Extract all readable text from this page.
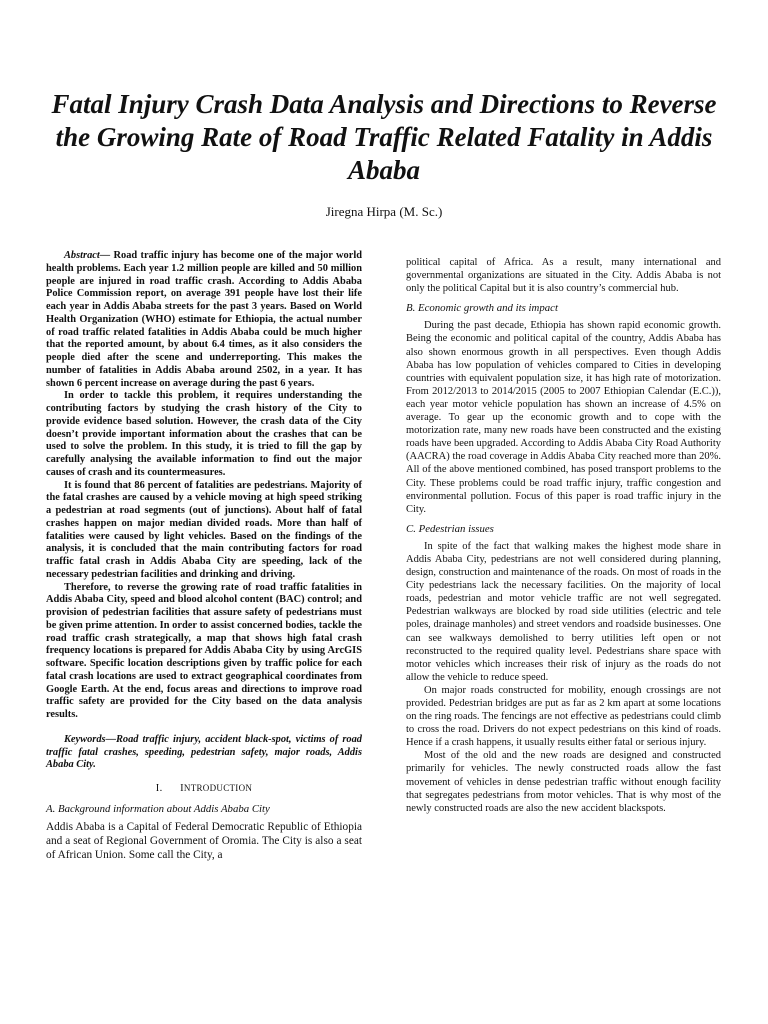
Fatal Injury Crash Data Analysis and Directions to Reverse the Growing Rate of Road Traffic Related Fatality in Addis Ababa
Jiregna Hirpa (M. Sc.)

Abstract— Road traffic injury has become one of the major world health problems. Each year 1.2 million people are killed and 50 million people are injured in road traffic crash. According to Addis Ababa Police Commission report, on average 391 people have lost their life each year in Addis Ababa streets for the past 3 years. Based on World Health Organization (WHO) estimate for Ethiopia, the actual number of road traffic related fatalities in Addis Ababa could be much higher that the reported amount, by about 6.4 times, as it also considers the people died after the scene and underreporting. This makes the number of fatalities in Addis Ababa around 2502, in a year. It has shown 6 percent increase on average during the past 6 years.

In order to tackle this problem, it requires understanding the contributing factors by studying the crash history of the City to provide evidence based solution. However, the crash data of the City doesn’t provide important information about the crashes that can be used to solve the problem. In this study, it is tried to fill the gap by carefully analysing the available information to find out the major causes of crash and its countermeasures.

It is found that 86 percent of fatalities are pedestrians. Majority of the fatal crashes are caused by a vehicle moving at high speed striking a pedestrian at road segments (out of junctions). About half of fatal crashes happen on major median divided roads. More than half of fatalities were caused by light vehicles. Based on the findings of the analysis, it is concluded that the main contributing factors for road traffic fatal crash in Addis Ababa City are speeding, lack of the necessary pedestrian facilities and drinking and driving.

Therefore, to reverse the growing rate of road traffic fatalities in Addis Ababa City, speed and blood alcohol content (BAC) control; and provision of pedestrian facilities that assure safety of pedestrians must be given prime attention. In order to assist concerned bodies, tackle the road traffic crash strategically, a map that shows high fatal crash frequency locations is prepared for Addis Ababa City by using ArcGIS software. Specific location descriptions given by traffic police for each fatal crash locations are used to extract geographical coordinates from Google Earth. At the end, focus areas and directions to improve road traffic safety are provided for the City based on the data analysis results.

Keywords—Road traffic injury, accident black-spot, victims of road traffic fatal crashes, speeding, pedestrian safety, major roads, Addis Ababa City.

I. INTRODUCTION
A. Background information about Addis Ababa City

Addis Ababa is a Capital of Federal Democratic Republic of Ethiopia and a seat of Regional Government of Oromia. The City is also a seat of African Union. Some call the City, a

political capital of Africa. As a result, many international and governmental organizations are situated in the City. Addis Ababa is not only the political Capital but it is also country’s commercial hub.

B. Economic growth and its impact

During the past decade, Ethiopia has shown rapid economic growth. Being the economic and political capital of the country, Addis Ababa has also shown enormous growth in all perspectives. Even though Addis Ababa has low population of vehicles compared to Cities in developing countries with equivalent population size, it has high rate of motorization. From 2012/2013 to 2014/2015 (2005 to 2007 Ethiopian Calendar (E.C.)), each year motor vehicle population has shown an increase of 4.5% on average. To gear up the economic growth and to cope with the motorization rate, many new roads have been constructed and the existing roads have been upgraded. According to Addis Ababa City Road Authority (AACRA) the road coverage in Addis Ababa City reached more than 20%. All of the above mentioned combined, has posed transport problems to the City. These problems could be road traffic injury, traffic congestion and environmental pollution. Focus of this paper is road traffic injury in the City.

C. Pedestrian issues

In spite of the fact that walking makes the highest mode share in Addis Ababa City, pedestrians are not well considered during planning, design, construction and maintenance of the roads. On most of roads in the City pedestrians lack the necessary facilities. On the majority of local roads, pedestrian and motor vehicle traffic are not well segregated. Pedestrian walkways are blocked by road side utilities (electric and tele poles, drainage manholes) and street vendors and roadside businesses. One can see walkways demolished to berry utilities left open or not reconstructed to the required quality level. Pedestrians share space with motor vehicles which increases their risk of injury as the roads do not allow the vehicle to reduce speed.

On major roads constructed for mobility, enough crossings are not provided. Pedestrian bridges are put as far as 2 km apart at some locations on the ring roads. The fencings are not effective as pedestrians could climb to cross the road. Drivers do not expect pedestrians on this kind of roads. Hence if a crash happens, it usually results either fatal or serious injury.

Most of the old and the new roads are designed and constructed primarily for vehicles. The newly constructed roads allow the fast movement of vehicles in dense pedestrian traffic without enough facility that segregates pedestrians from motor vehicles. That is why most of the newly constructed roads are also the new accident blackspots.
